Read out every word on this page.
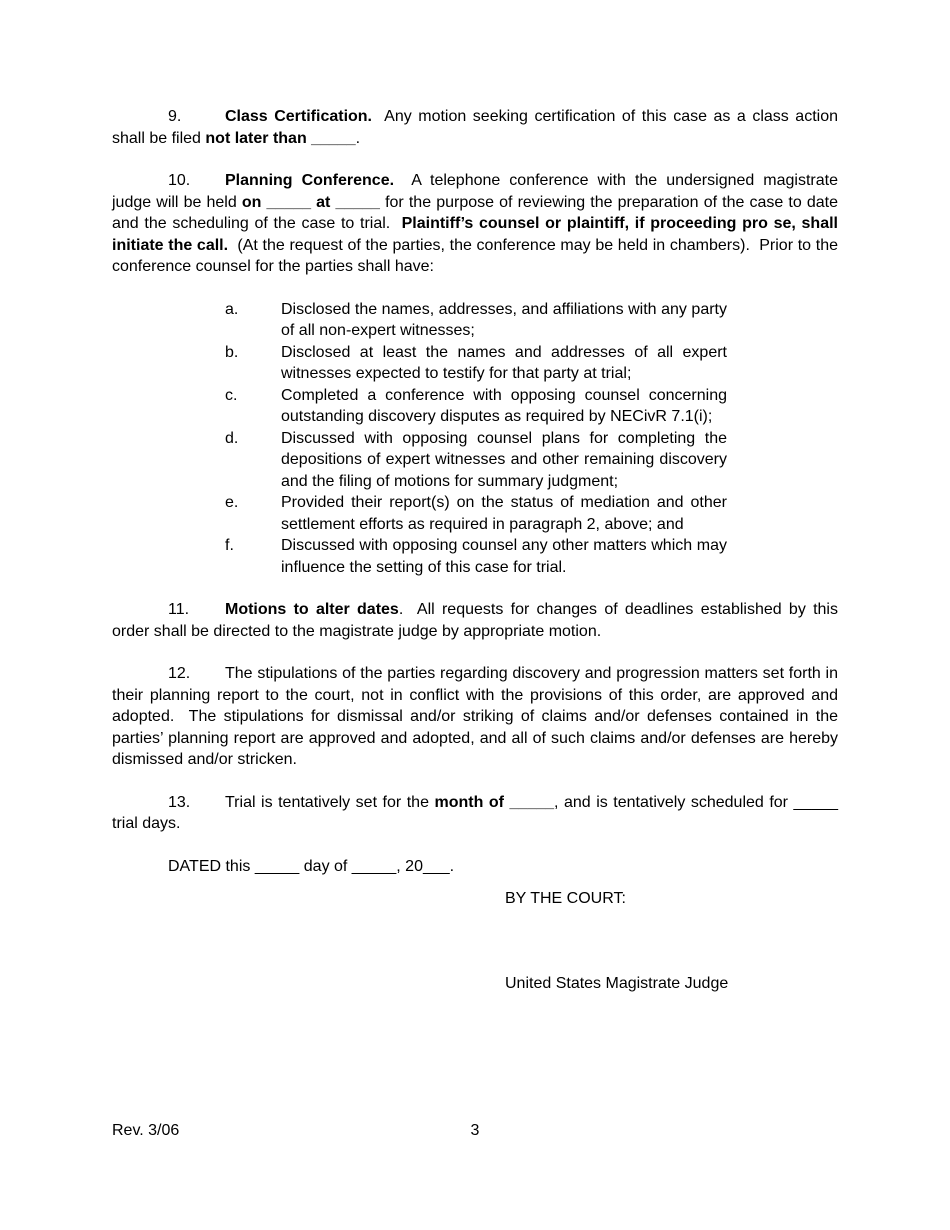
9.	Class Certification.  Any motion seeking certification of this case as a class action shall be filed not later than _____.

10. Planning Conference.  A telephone conference with the undersigned magistrate judge will be held on _____ at _____ for the purpose of reviewing the preparation of the case to date and the scheduling of the case to trial.  Plaintiff’s counsel or plaintiff, if proceeding pro se, shall initiate the call.  (At the request of the parties, the conference may be held in chambers).  Prior to the conference counsel for the parties shall have:

a.	Disclosed the names, addresses, and affiliations with any party of all non-expert witnesses;
b.	Disclosed at least the names and addresses of all expert witnesses expected to testify for that party at trial;
c.	Completed a conference with opposing counsel concerning outstanding discovery disputes as required by NECivR 7.1(i);
d.	Discussed with opposing counsel plans for completing the depositions of expert witnesses and other remaining discovery and the filing of motions for summary judgment;
e.	Provided their report(s) on the status of mediation and other settlement efforts as required in paragraph 2, above; and
f.	Discussed with opposing counsel any other matters which may influence the setting of this case for trial.

11. Motions to alter dates.  All requests for changes of deadlines established by this order shall be directed to the magistrate judge by appropriate motion.

12. The stipulations of the parties regarding discovery and progression matters set forth in their planning report to the court, not in conflict with the provisions of this order, are approved and adopted.  The stipulations for dismissal and/or striking of claims and/or defenses contained in the parties’ planning report are approved and adopted, and all of such claims and/or defenses are hereby dismissed and/or stricken.

13. Trial is tentatively set for the month of _____, and is tentatively scheduled for _____ trial days.

DATED this _____ day of _____, 20___.

BY THE COURT:
United States Magistrate Judge
Rev. 3/06	3
